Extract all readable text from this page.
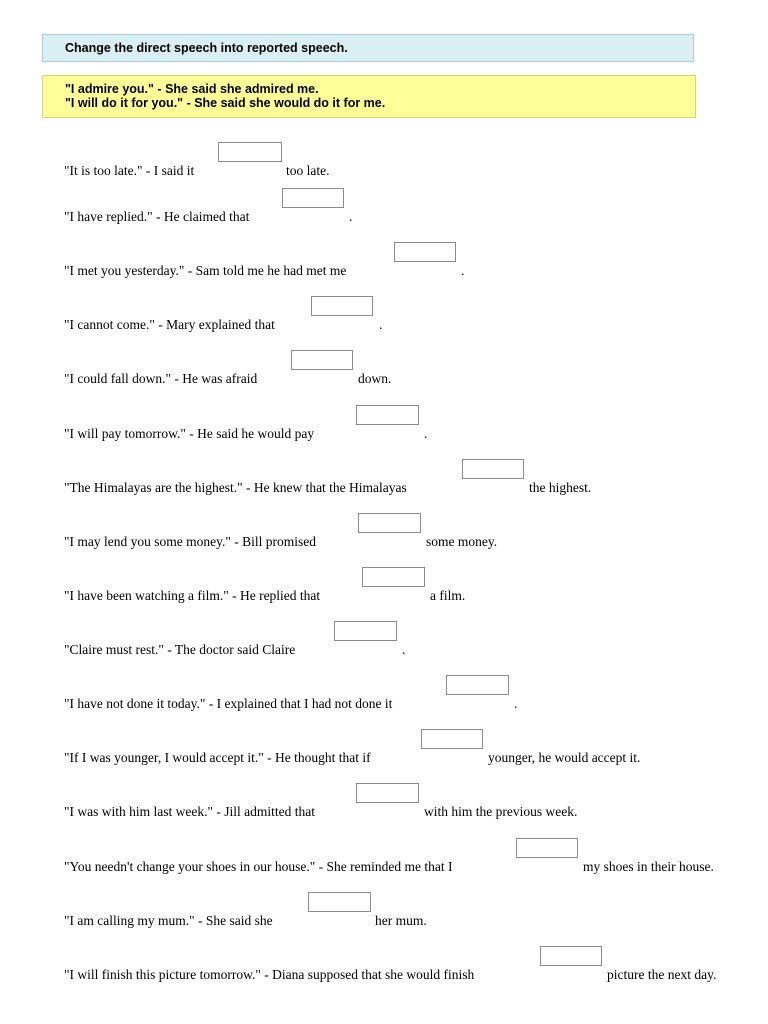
Change the direct speech into reported speech.
"I admire you." - She said she admired me.
"I will do it for you." - She said she would do it for me.
"It is too late." - I said it	too late.
"I have replied." - He claimed that	.
"I met you yesterday." - Sam told me he had met me	.
"I cannot come." - Mary explained that	.
"I could fall down." - He was afraid	down.
"I will pay tomorrow." - He said he would pay	.
"The Himalayas are the highest." - He knew that the Himalayas	the highest.
"I may lend you some money." - Bill promised	some money.
"I have been watching a film." - He replied that	a film.
"Claire must rest." - The doctor said Claire	.
"I have not done it today." - I explained that I had not done it	.
"If I was younger, I would accept it." - He thought that if	younger, he would accept it.
"I was with him last week." - Jill admitted that	with him the previous week.
"You needn't change your shoes in our house." - She reminded me that I	my shoes in their house.
"I am calling my mum." - She said she	her mum.
"I will finish this picture tomorrow." - Diana supposed that she would finish	picture the next day.
